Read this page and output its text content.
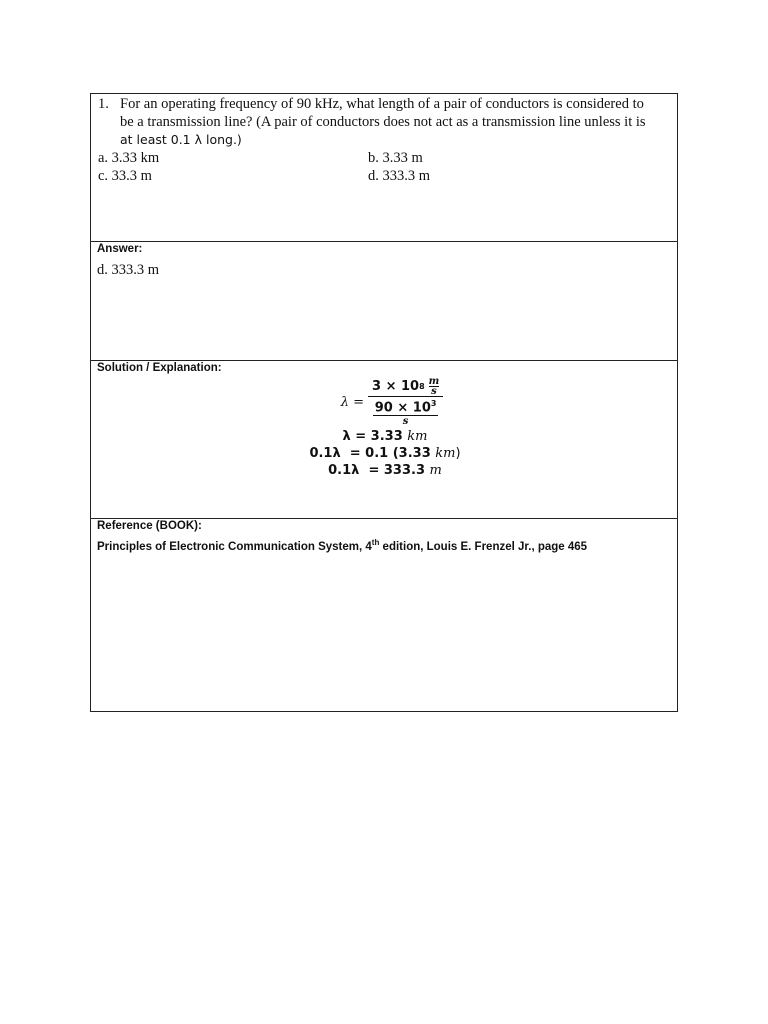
1. For an operating frequency of 90 kHz, what length of a pair of conductors is considered to
be a transmission line? (A pair of conductors does not act as a transmission line unless it is
at least 0.1 λ long.)
a. 3.33 km	b. 3.33 m
c. 33.3 m	d. 333.3 m
Answer:
d. 333.3 m
Solution / Explanation:
λ =
3 × 10 $8 \frac{m}{s}$
$90 \times 10^3$
s
λ = 3.33 km
0.1λ  = 0.1 (3.33 km)
0.1λ  = 333.3 m
Reference (BOOK):
Principles of Electronic Communication System, 4th edition, Louis E. Frenzel Jr., page 465
